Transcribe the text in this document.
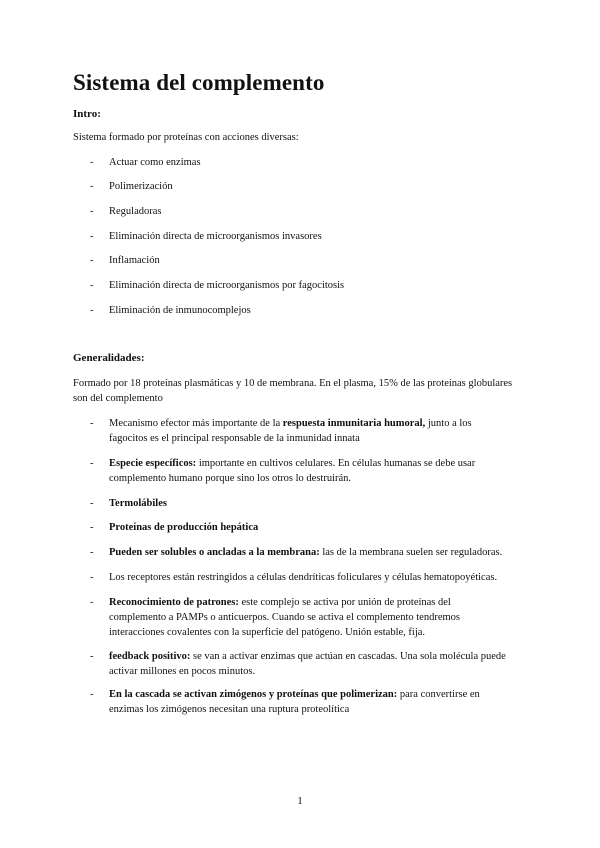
Sistema del complemento

Intro:

Sistema formado por proteínas con acciones diversas:

- Actuar como enzimas
- Polimerización
- Reguladoras
- Eliminación directa de microorganismos invasores
- Inflamación
- Eliminación directa de microorganismos por fagocitosis
- Eliminación de inmunocomplejos

Generalidades:

Formado por 18 proteínas plasmáticas y 10 de membrana. En el plasma, 15% de las proteínas globulares son del complemento

- Mecanismo efector más importante de la respuesta inmunitaria humoral, junto a los fagocitos es el principal responsable de la inmunidad innata
- Especie específicos: importante en cultivos celulares. En células humanas se debe usar complemento humano porque sino los otros lo destruirán.
- Termolábiles
- Proteínas de producción hepática
- Pueden ser solubles o ancladas a la membrana: las de la membrana suelen ser reguladoras.
- Los receptores están restringidos a células dendríticas foliculares y células hematopoyéticas.
- Reconocimiento de patrones: este complejo se activa por unión de proteínas del complemento a PAMPs o anticuerpos. Cuando se activa el complemento tendremos interacciones covalentes con la superficie del patógeno. Unión estable, fija.
- feedback positivo: se van a activar enzimas que actúan en cascadas. Una sola molécula puede activar millones en pocos minutos.
- En la cascada se activan zimógenos y proteínas que polimerizan: para convertirse en enzimas los zimógenos necesitan una ruptura proteolítica
1
